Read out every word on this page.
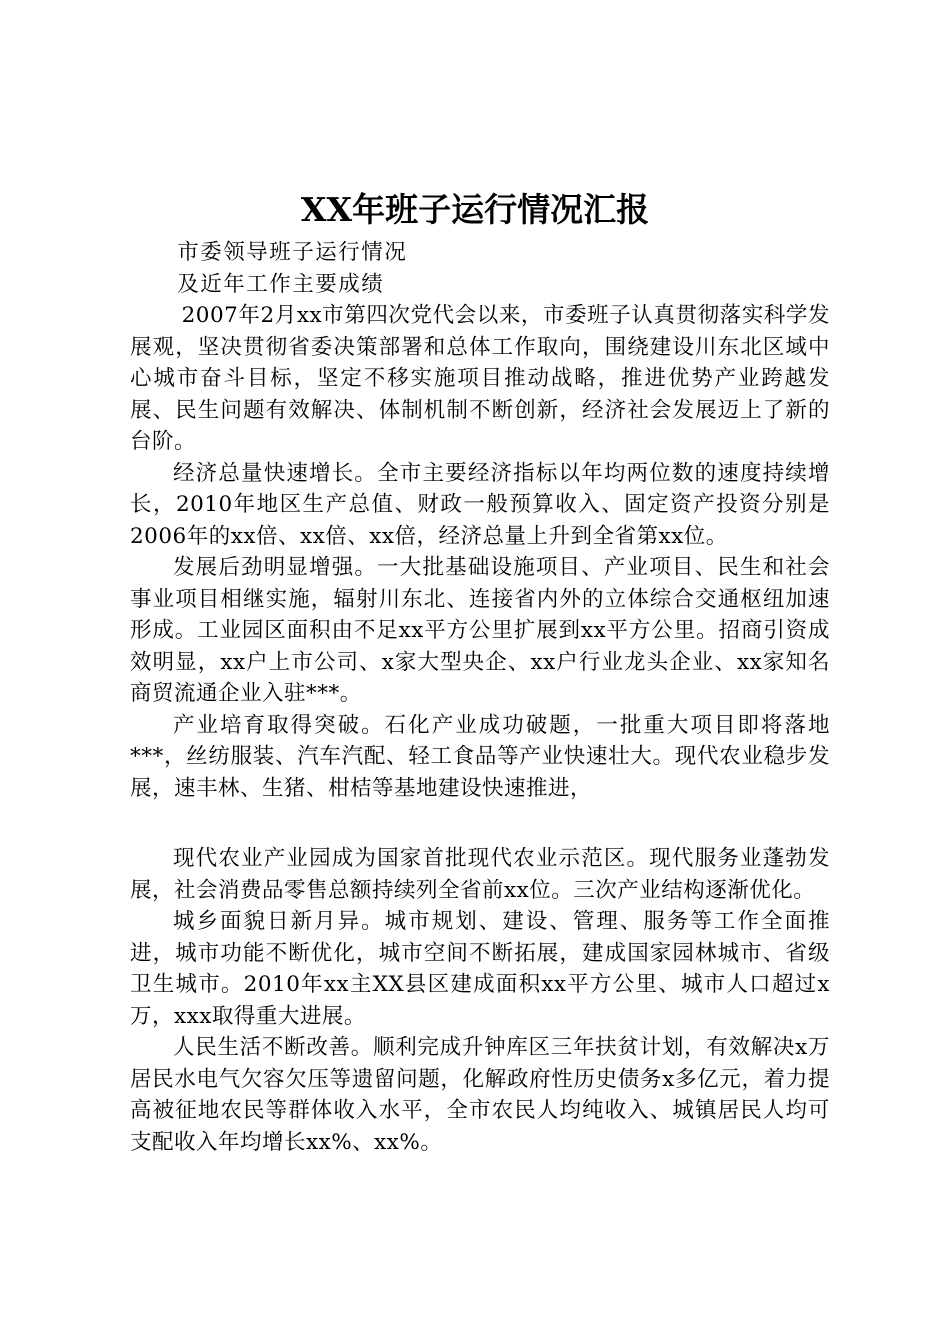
XX年班子运行情况汇报

市委领导班子运行情况

及近年工作主要成绩

2007年2月xx市第四次党代会以来，市委班子认真贯彻落实科学发展观，坚决贯彻省委决策部署和总体工作取向，围绕建设川东北区域中心城市奋斗目标，坚定不移实施项目推动战略，推进优势产业跨越发展、民生问题有效解决、体制机制不断创新，经济社会发展迈上了新的台阶。

经济总量快速增长。全市主要经济指标以年均两位数的速度持续增长，2010年地区生产总值、财政一般预算收入、固定资产投资分别是2006年的xx倍、xx倍、xx倍，经济总量上升到全省第xx位。

发展后劲明显增强。一大批基础设施项目、产业项目、民生和社会事业项目相继实施，辐射川东北、连接省内外的立体综合交通枢纽加速形成。工业园区面积由不足xx平方公里扩展到xx平方公里。招商引资成效明显，xx户上市公司、x家大型央企、xx户行业龙头企业、xx家知名商贸流通企业入驻***。

产业培育取得突破。石化产业成功破题，一批重大项目即将落地***，丝纺服装、汽车汽配、轻工食品等产业快速壮大。现代农业稳步发展，速丰林、生猪、柑桔等基地建设快速推进，

现代农业产业园成为国家首批现代农业示范区。现代服务业蓬勃发展，社会消费品零售总额持续列全省前xx位。三次产业结构逐渐优化。

城乡面貌日新月异。城市规划、建设、管理、服务等工作全面推进，城市功能不断优化，城市空间不断拓展，建成国家园林城市、省级卫生城市。2010年xx主XX县区建成面积xx平方公里、城市人口超过x万，xxx取得重大进展。

人民生活不断改善。顺利完成升钟库区三年扶贫计划，有效解决x万居民水电气欠容欠压等遗留问题，化解政府性历史债务x多亿元，着力提高被征地农民等群体收入水平，全市农民人均纯收入、城镇居民人均可支配收入年均增长xx%、xx%。
